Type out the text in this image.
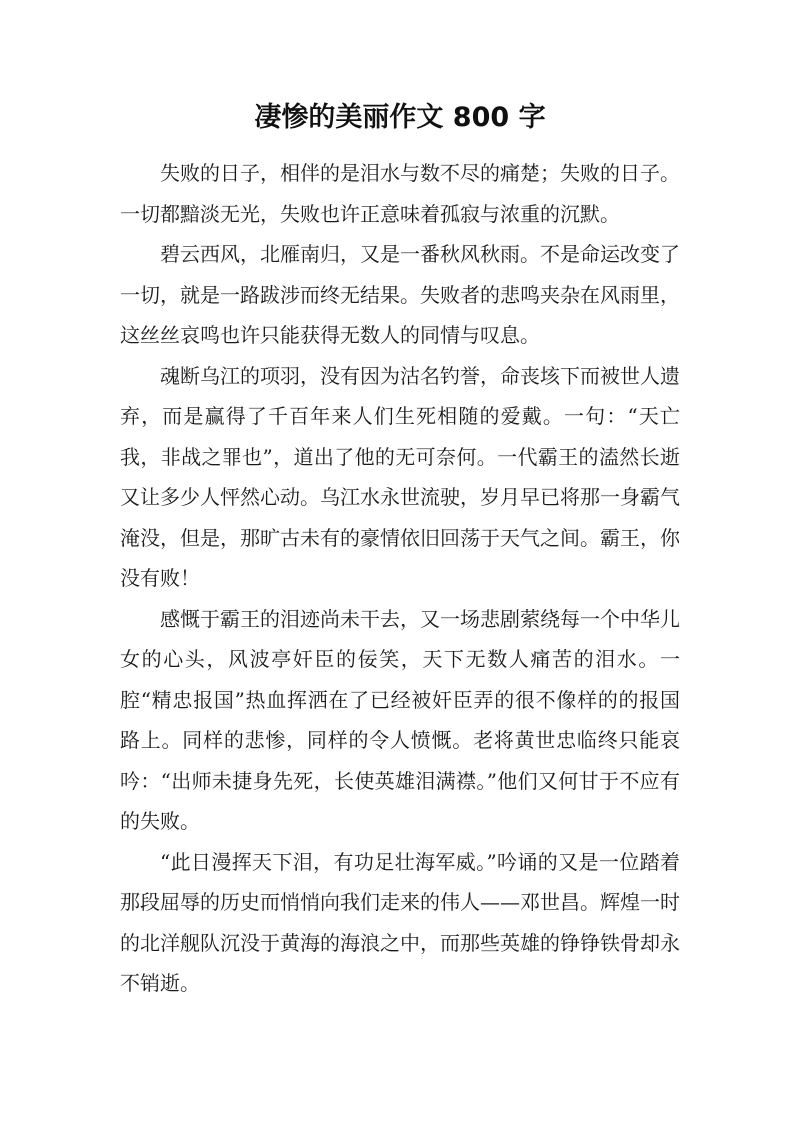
凄惨的美丽作文 800 字

失败的日子，相伴的是泪水与数不尽的痛楚；失败的日子。一切都黯淡无光，失败也许正意味着孤寂与浓重的沉默。

碧云西风，北雁南归，又是一番秋风秋雨。不是命运改变了一切，就是一路跋涉而终无结果。失败者的悲鸣夹杂在风雨里，这丝丝哀鸣也许只能获得无数人的同情与叹息。

魂断乌江的项羽，没有因为沽名钓誉，命丧垓下而被世人遗弃，而是赢得了千百年来人们生死相随的爱戴。一句：“天亡我，非战之罪也”，道出了他的无可奈何。一代霸王的溘然长逝又让多少人怦然心动。乌江水永世流驶，岁月早已将那一身霸气淹没，但是，那旷古未有的豪情依旧回荡于天气之间。霸王，你没有败！

感慨于霸王的泪迹尚未干去，又一场悲剧萦绕每一个中华儿女的心头，风波亭奸臣的佞笑，天下无数人痛苦的泪水。一腔“精忠报国”热血挥洒在了已经被奸臣弄的很不像样的的报国路上。同样的悲惨，同样的令人愤慨。老将黄世忠临终只能哀吟：“出师未捷身先死，长使英雄泪满襟。”他们又何甘于不应有的失败。

“此日漫挥天下泪，有功足壮海军威。”吟诵的又是一位踏着那段屈辱的历史而悄悄向我们走来的伟人——邓世昌。辉煌一时的北洋舰队沉没于黄海的海浪之中，而那些英雄的铮铮铁骨却永不销逝。
